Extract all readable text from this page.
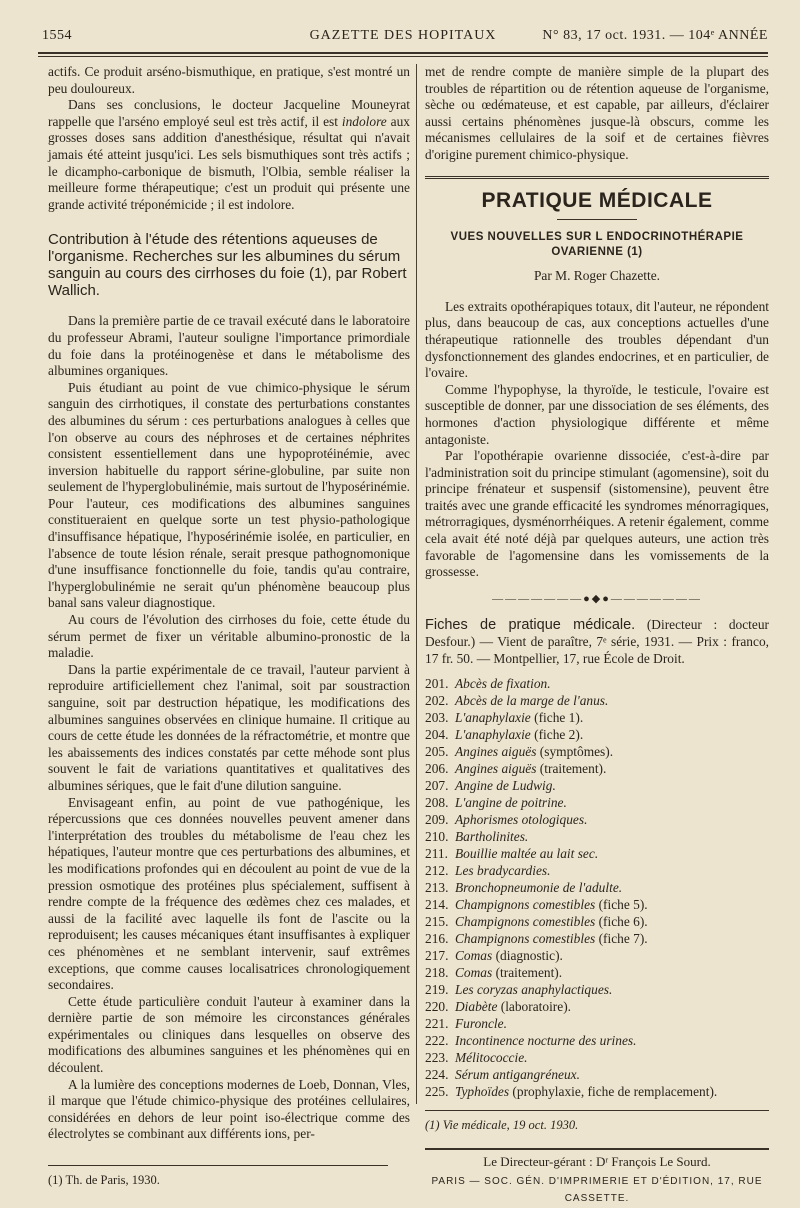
1554	GAZETTE DES HOPITAUX	N° 83, 17 oct. 1931. — 104ᵉ ANNÉE

actifs. Ce produit arséno-bismuthique, en pratique, s'est montré un peu douloureux.

Dans ses conclusions, le docteur Jacqueline Mouneyrat rappelle que l'arséno employé seul est très actif, il est indolore aux grosses doses sans addition d'anesthésique, résultat qui n'avait jamais été atteint jusqu'ici. Les sels bismuthiques sont très actifs ; le dicampho-carbonique de bismuth, l'Olbia, semble réaliser la meilleure forme thérapeutique; c'est un produit qui présente une grande activité tréponémicide ; il est indolore.

Contribution à l'étude des rétentions aqueuses de l'organisme. Recherches sur les albumines du sérum sanguin au cours des cirrhoses du foie (1), par Robert Wallich.

Dans la première partie de ce travail exécuté dans le laboratoire du professeur Abrami, l'auteur souligne l'importance primordiale du foie dans la protéinogenèse et dans le métabolisme des albumines organiques.

Puis étudiant au point de vue chimico-physique le sérum sanguin des cirrhotiques, il constate des perturbations constantes des albumines du sérum : ces perturbations analogues à celles que l'on observe au cours des néphroses et de certaines néphrites consistent essentiellement dans une hypoprotéinémie, avec inversion habituelle du rapport sérine-globuline, par suite non seulement de l'hyperglobulinémie, mais surtout de l'hyposérinémie. Pour l'auteur, ces modifications des albumines sanguines constitueraient en quelque sorte un test physio-pathologique d'insuffisance hépatique, l'hyposérinémie isolée, en particulier, en l'absence de toute lésion rénale, serait presque pathognomonique d'une insuffisance fonctionnelle du foie, tandis qu'au contraire, l'hyperglobulinémie ne serait qu'un phénomène beaucoup plus banal sans valeur diagnostique.

Au cours de l'évolution des cirrhoses du foie, cette étude du sérum permet de fixer un véritable albumino-pronostic de la maladie.

Dans la partie expérimentale de ce travail, l'auteur parvient à reproduire artificiellement chez l'animal, soit par soustraction sanguine, soit par destruction hépatique, les modifications des albumines sanguines observées en clinique humaine. Il critique au cours de cette étude les données de la réfractométrie, et montre que les abaissements des indices constatés par cette méhode sont plus souvent le fait de variations quantitatives et qualitatives des albumines sériques, que le fait d'une dilution sanguine.

Envisageant enfin, au point de vue pathogénique, les répercussions que ces données nouvelles peuvent amener dans l'interprétation des troubles du métabolisme de l'eau chez les hépatiques, l'auteur montre que ces perturbations des albumines, et les modifications profondes qui en découlent au point de vue de la pression osmotique des protéines plus spécialement, suffisent à rendre compte de la fréquence des œdèmes chez ces malades, et aussi de la facilité avec laquelle ils font de l'ascite ou la reproduisent; les causes mécaniques étant insuffisantes à expliquer ces phénomènes et ne semblant intervenir, sauf extrêmes exceptions, que comme causes localisatrices chronologiquement secondaires.

Cette étude particulière conduit l'auteur à examiner dans la dernière partie de son mémoire les circonstances générales expérimentales ou cliniques dans lesquelles on observe des modifications des albumines sanguines et les phénomènes qui en découlent.

A la lumière des conceptions modernes de Loeb, Donnan, Vles, il marque que l'étude chimico-physique des protéines cellulaires, considérées en dehors de leur point iso-électrique comme des électrolytes se combinant aux différents ions, per-

(1) Th. de Paris, 1930.

met de rendre compte de manière simple de la plupart des troubles de répartition ou de rétention aqueuse de l'organisme, sèche ou œdémateuse, et est capable, par ailleurs, d'éclairer aussi certains phénomènes jusque-là obscurs, comme les mécanismes cellulaires de la soif et de certaines fièvres d'origine purement chimico-physique.

PRATIQUE MÉDICALE
VUES NOUVELLES SUR L ENDOCRINOTHÉRAPIE OVARIENNE (1)
Par M. Roger Chazette.

Les extraits opothérapiques totaux, dit l'auteur, ne répondent plus, dans beaucoup de cas, aux conceptions actuelles d'une thérapeutique rationnelle des troubles dépendant d'un dysfonctionnement des glandes endocrines, et en particulier, de l'ovaire.

Comme l'hypophyse, la thyroïde, le testicule, l'ovaire est susceptible de donner, par une dissociation de ses éléments, des hormones d'action physiologique différente et même antagoniste.

Par l'opothérapie ovarienne dissociée, c'est-à-dire par l'administration soit du principe stimulant (agomensine), soit du principe frénateur et suspensif (sistomensine), peuvent être traités avec une grande efficacité les syndromes ménorragiques, métrorragiques, dysménorrhéiques. A retenir également, comme cela avait été noté déjà par quelques auteurs, une action très favorable de l'agomensine dans les vomissements de la grossesse.

———————●◆●———————

Fiches de pratique médicale. (Directeur : docteur Desfour.) — Vient de paraître, 7ᵉ série, 1931. — Prix : franco, 17 fr. 50. — Montpellier, 17, rue École de Droit.

201. Abcès de fixation.
202. Abcès de la marge de l'anus.
203. L'anaphylaxie (fiche 1).
204. L'anaphylaxie (fiche 2).
205. Angines aiguës (symptômes).
206. Angines aiguës (traitement).
207. Angine de Ludwig.
208. L'angine de poitrine.
209. Aphorismes otologiques.
210. Bartholinites.
211. Bouillie maltée au lait sec.
212. Les bradycardies.
213. Bronchopneumonie de l'adulte.
214. Champignons comestibles (fiche 5).
215. Champignons comestibles (fiche 6).
216. Champignons comestibles (fiche 7).
217. Comas (diagnostic).
218. Comas (traitement).
219. Les coryzas anaphylactiques.
220. Diabète (laboratoire).
221. Furoncle.
222. Incontinence nocturne des urines.
223. Mélitococcie.
224. Sérum antigangréneux.
225. Typhoïdes (prophylaxie, fiche de remplacement).

(1) Vie médicale, 19 oct. 1930.

Le Directeur-gérant : Dʳ François Le Sourd.
PARIS — SOC. GÉN. D'IMPRIMERIE ET D'ÉDITION, 17, RUE CASSETTE.
